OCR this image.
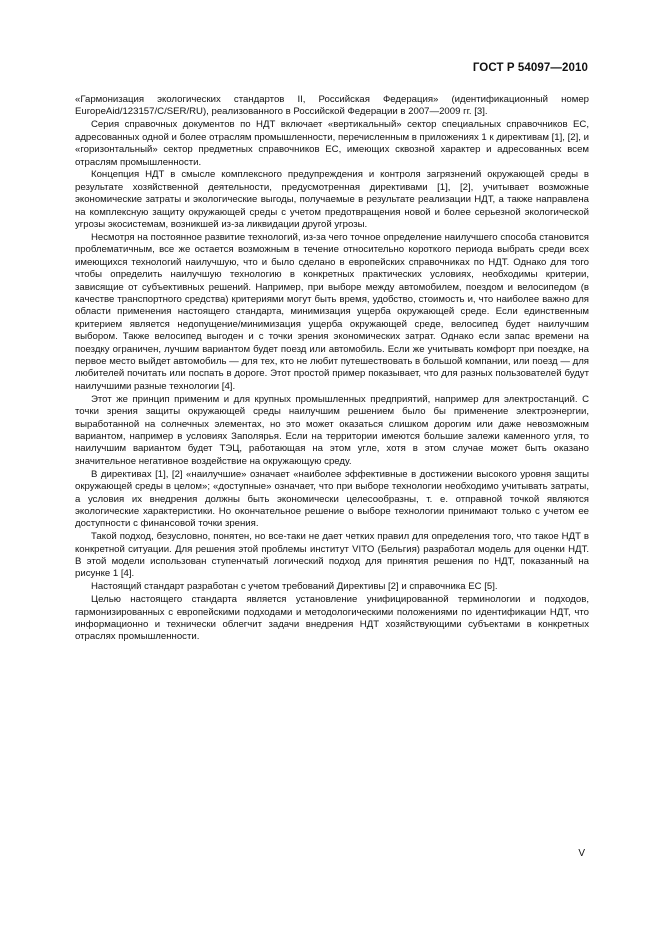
ГОСТ Р 54097—2010

«Гармонизация экологических стандартов II, Российская Федерация» (идентификационный номер EuropeAid/123157/C/SER/RU), реализованного в Российской Федерации в 2007—2009 гг. [3].

Серия справочных документов по НДТ включает «вертикальный» сектор специальных справочников ЕС, адресованных одной и более отраслям промышленности, перечисленным в приложениях 1 к директивам [1], [2], и «горизонтальный» сектор предметных справочников ЕС, имеющих сквозной характер и адресованных всем отраслям промышленности.

Концепция НДТ в смысле комплексного предупреждения и контроля загрязнений окружающей среды в результате хозяйственной деятельности, предусмотренная директивами [1], [2], учитывает возможные экономические затраты и экологические выгоды, получаемые в результате реализации НДТ, а также направлена на комплексную защиту окружающей среды с учетом предотвращения новой и более серьезной экологической угрозы экосистемам, возникшей из-за ликвидации другой угрозы.

Несмотря на постоянное развитие технологий, из-за чего точное определение наилучшего способа становится проблематичным, все же остается возможным в течение относительно короткого периода выбрать среди всех имеющихся технологий наилучшую, что и было сделано в европейских справочниках по НДТ. Однако для того чтобы определить наилучшую технологию в конкретных практических условиях, необходимы критерии, зависящие от субъективных решений. Например, при выборе между автомобилем, поездом и велосипедом (в качестве транспортного средства) критериями могут быть время, удобство, стоимость и, что наиболее важно для области применения настоящего стандарта, минимизация ущерба окружающей среде. Если единственным критерием является недопущение/минимизация ущерба окружающей среде, велосипед будет наилучшим выбором. Также велосипед выгоден и с точки зрения экономических затрат. Однако если запас времени на поездку ограничен, лучшим вариантом будет поезд или автомобиль. Если же учитывать комфорт при поездке, на первое место выйдет автомобиль — для тех, кто не любит путешествовать в большой компании, или поезд — для любителей почитать или поспать в дороге. Этот простой пример показывает, что для разных пользователей будут наилучшими разные технологии [4].

Этот же принцип применим и для крупных промышленных предприятий, например для электростанций. С точки зрения защиты окружающей среды наилучшим решением было бы применение электроэнергии, выработанной на солнечных элементах, но это может оказаться слишком дорогим или даже невозможным вариантом, например в условиях Заполярья. Если на территории имеются большие залежи каменного угля, то наилучшим вариантом будет ТЭЦ, работающая на этом угле, хотя в этом случае может быть оказано значительное негативное воздействие на окружающую среду.

В директивах [1], [2] «наилучшие» означает «наиболее эффективные в достижении высокого уровня защиты окружающей среды в целом»; «доступные» означает, что при выборе технологии необходимо учитывать затраты, а условия их внедрения должны быть экономически целесообразны, т. е. отправной точкой являются экологические характеристики. Но окончательное решение о выборе технологии принимают только с учетом ее доступности с финансовой точки зрения.

Такой подход, безусловно, понятен, но все-таки не дает четких правил для определения того, что такое НДТ в конкретной ситуации. Для решения этой проблемы институт VITO (Бельгия) разработал модель для оценки НДТ. В этой модели использован ступенчатый логический подход для принятия решения по НДТ, показанный на рисунке 1 [4].

Настоящий стандарт разработан с учетом требований Директивы [2] и справочника ЕС [5].

Целью настоящего стандарта является установление унифицированной терминологии и подходов, гармонизированных с европейскими подходами и методологическими положениями по идентификации НДТ, что информационно и технически облегчит задачи внедрения НДТ хозяйствующими субъектами в конкретных отраслях промышленности.

V
